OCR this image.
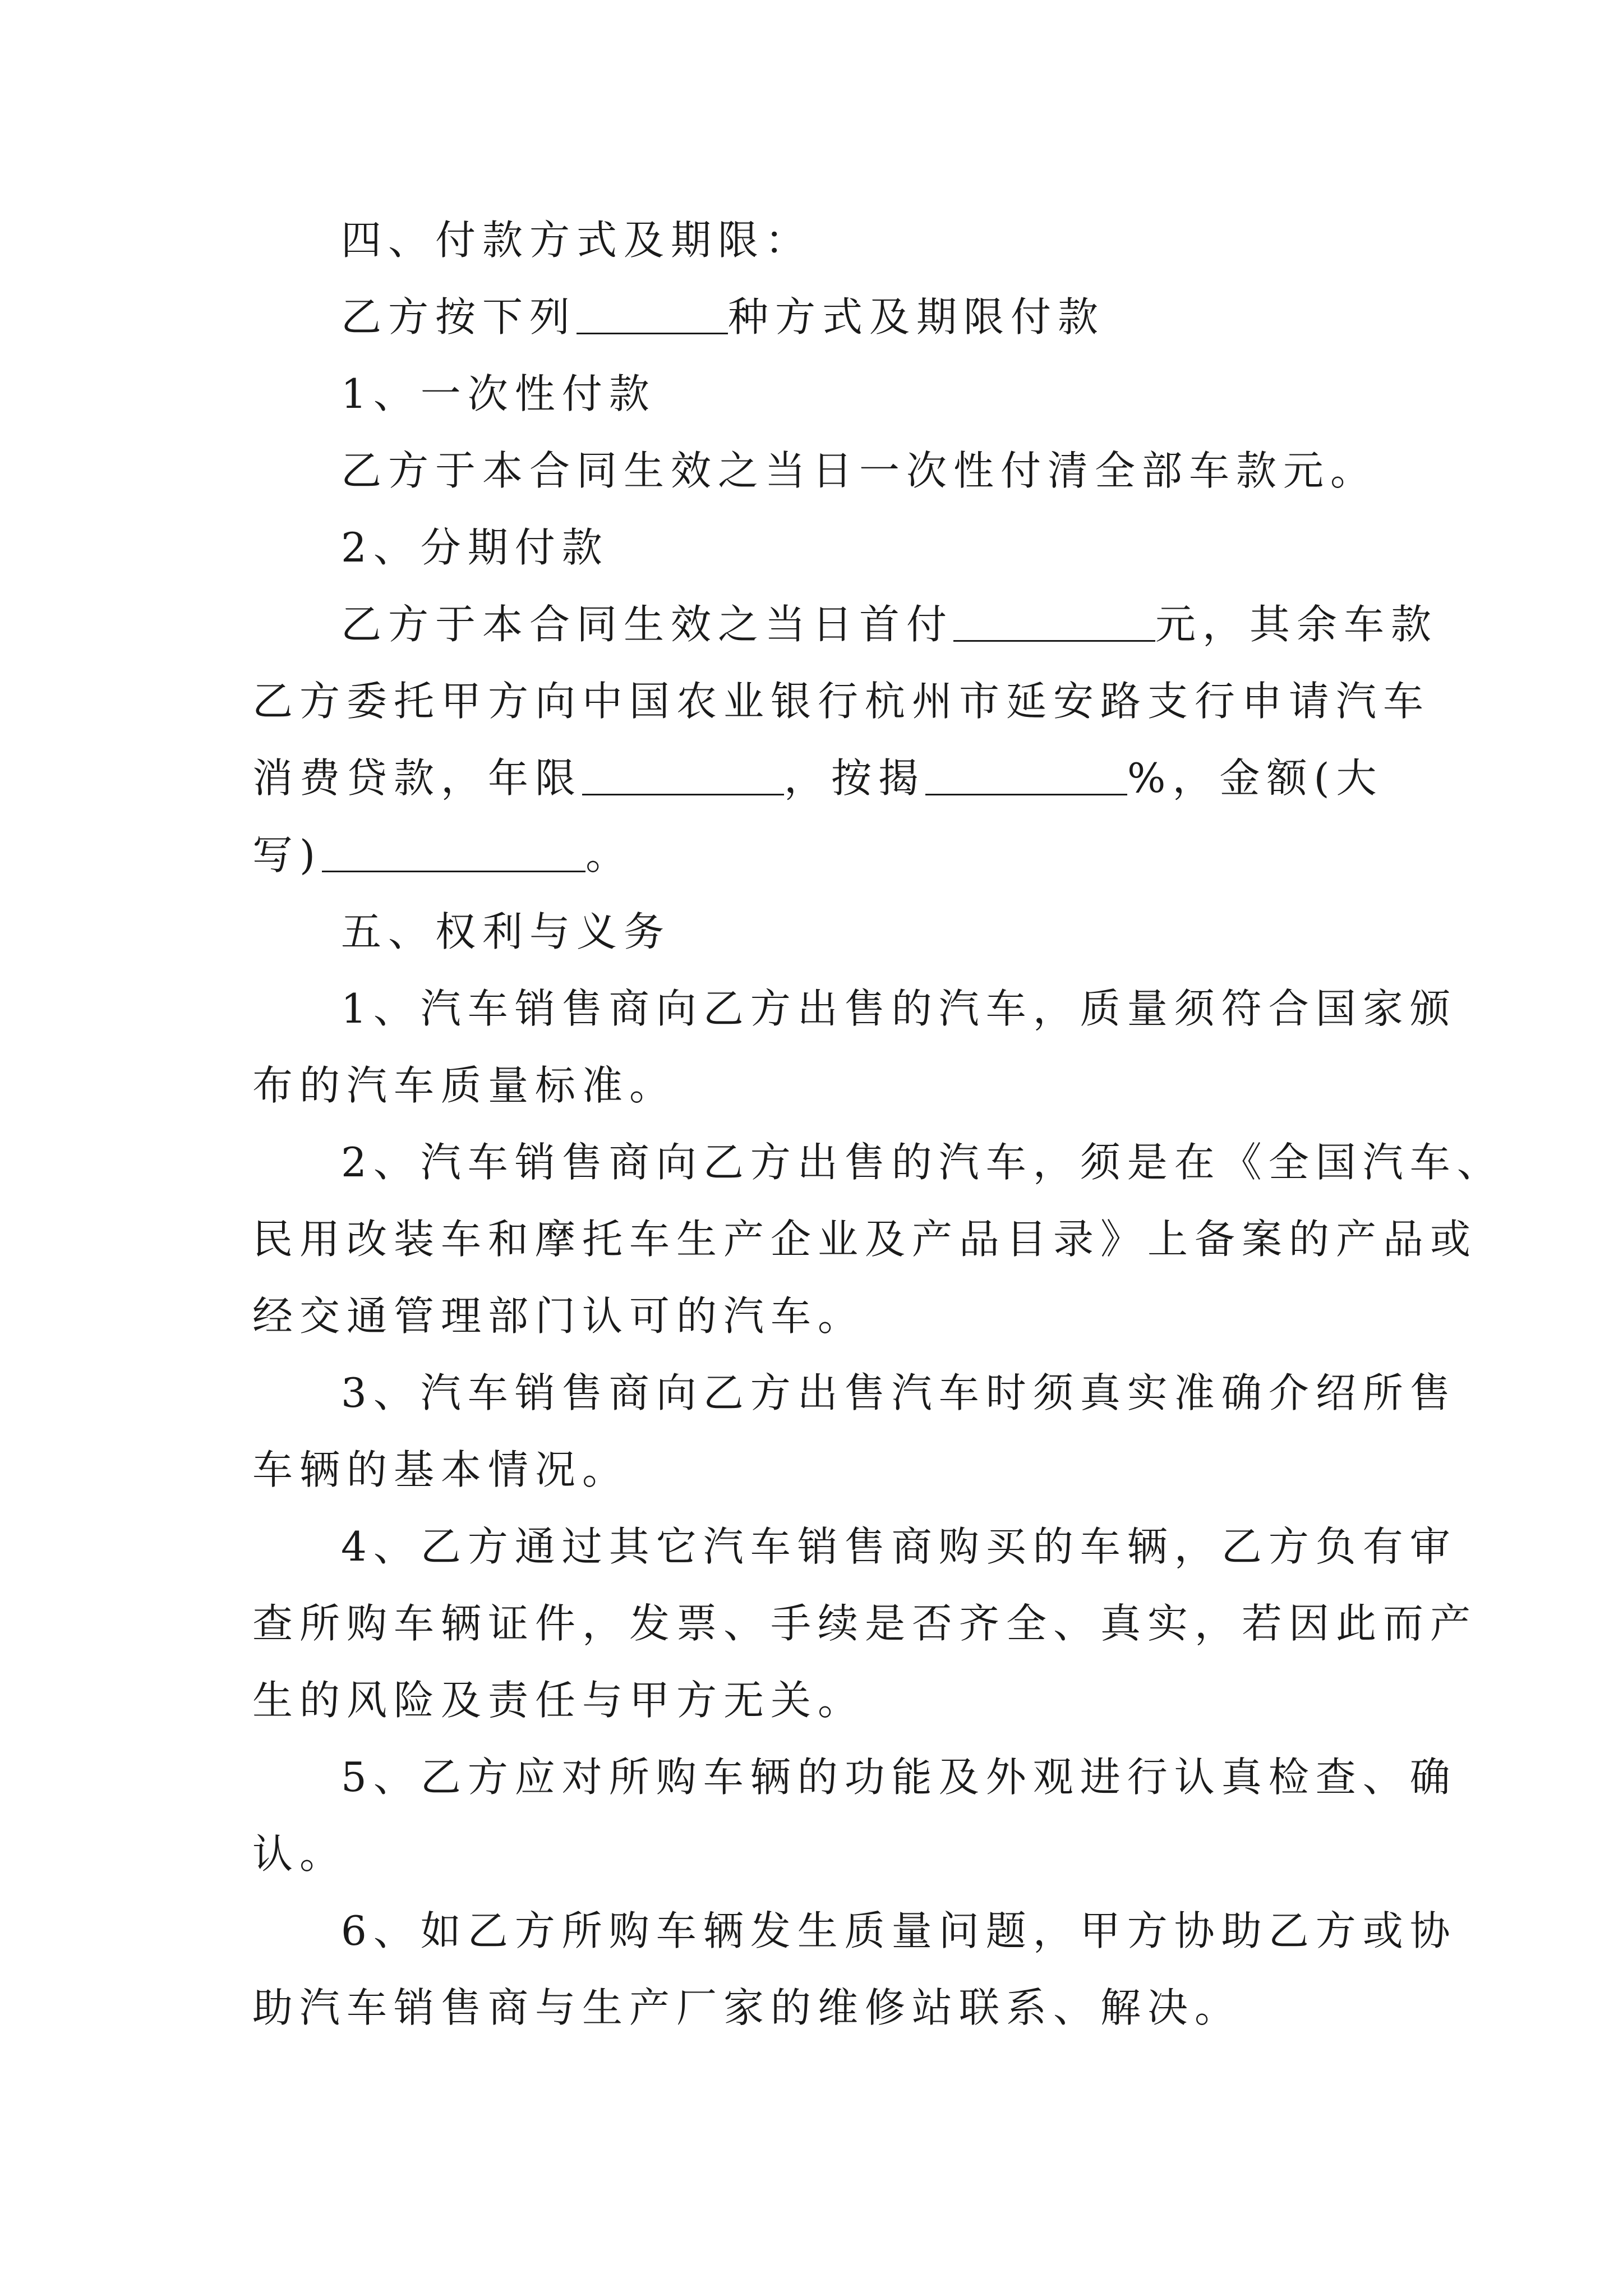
四、付款方式及期限：
乙方按下列	种方式及期限付款
1、一次性付款
乙方于本合同生效之当日一次性付清全部车款元。
2、分期付款
乙方于本合同生效之当日首付	元，其余车款
乙方委托甲方向中国农业银行杭州市延安路支行申请汽车
消费贷款，年限	，按揭	%，金额(大
写)	。
五、权利与义务
1、汽车销售商向乙方出售的汽车，质量须符合国家颁
布的汽车质量标准。
2、汽车销售商向乙方出售的汽车，须是在《全国汽车、
民用改装车和摩托车生产企业及产品目录》上备案的产品或
经交通管理部门认可的汽车。
3、汽车销售商向乙方出售汽车时须真实准确介绍所售
车辆的基本情况。
4、乙方通过其它汽车销售商购买的车辆，乙方负有审
查所购车辆证件，发票、手续是否齐全、真实，若因此而产
生的风险及责任与甲方无关。
5、乙方应对所购车辆的功能及外观进行认真检查、确
认。
6、如乙方所购车辆发生质量问题，甲方协助乙方或协
助汽车销售商与生产厂家的维修站联系、解决。
